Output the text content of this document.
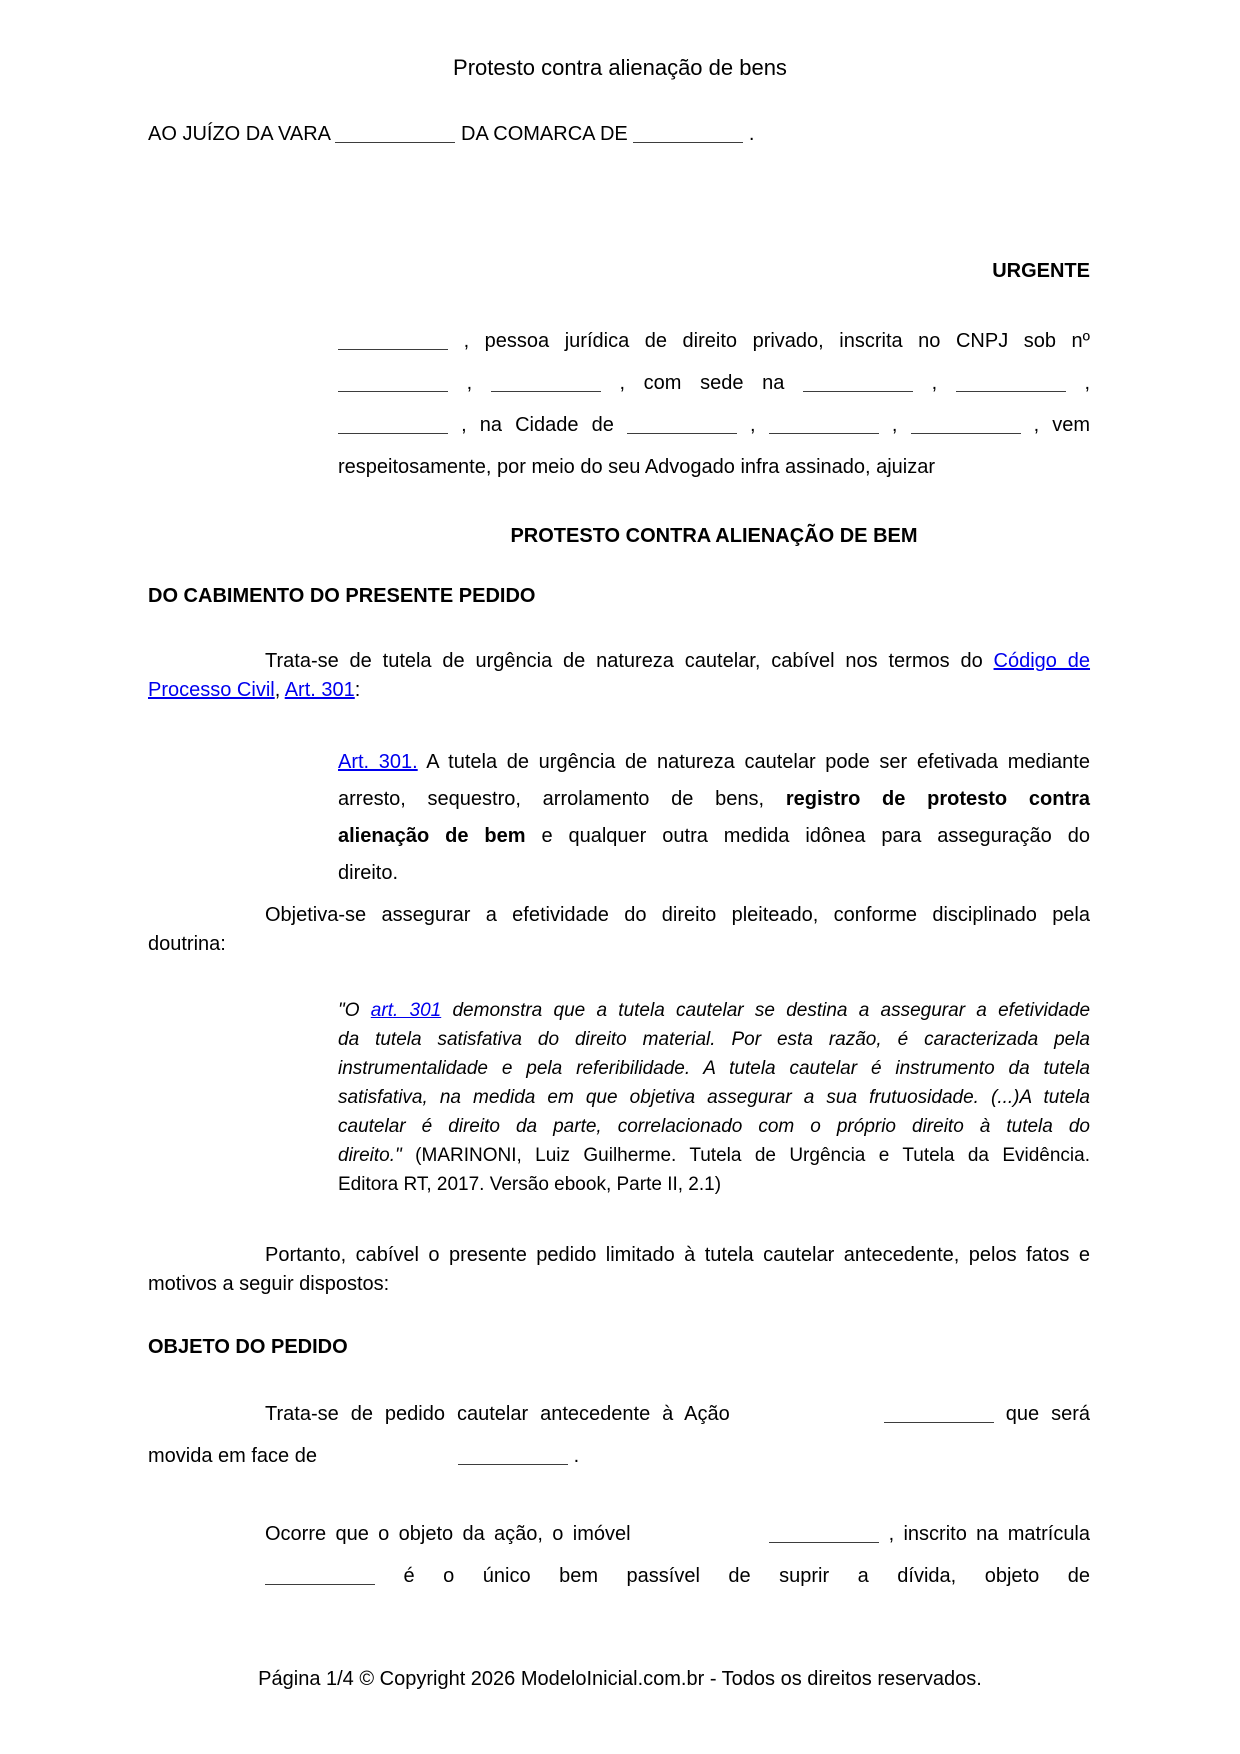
Protesto contra alienação de bens
AO JUÍZO DA VARA	DA COMARCA DE	.
URGENTE
, pessoa jurídica de direito privado, inscrita no CNPJ sob nº
,	, com sede na	,	,
, na Cidade de	,	,	, vem
respeitosamente, por meio do seu Advogado infra assinado, ajuizar
PROTESTO CONTRA ALIENAÇÃO DE BEM
DO CABIMENTO DO PRESENTE PEDIDO
Trata-se de tutela de urgência de natureza cautelar, cabível nos termos do Código de
Processo Civil, Art. 301:
Art. 301. A tutela de urgência de natureza cautelar pode ser efetivada mediante
arresto, sequestro, arrolamento de bens, registro de protesto contra
alienação de bem e qualquer outra medida idônea para asseguração do
direito.
Objetiva-se assegurar a efetividade do direito pleiteado, conforme disciplinado pela
doutrina:
"O art. 301 demonstra que a tutela cautelar se destina a assegurar a efetividade
da tutela satisfativa do direito material. Por esta razão, é caracterizada pela
instrumentalidade e pela referibilidade. A tutela cautelar é instrumento da tutela
satisfativa, na medida em que objetiva assegurar a sua frutuosidade. (...)A tutela
cautelar é direito da parte, correlacionado com o próprio direito à tutela do
direito." (MARINONI, Luiz Guilherme. Tutela de Urgência e Tutela da Evidência.
Editora RT, 2017. Versão ebook, Parte II, 2.1)
Portanto, cabível o presente pedido limitado à tutela cautelar antecedente, pelos fatos e
motivos a seguir dispostos:
OBJETO DO PEDIDO
Trata-se de pedido cautelar antecedente à Ação	que será
movida em face de	.
Ocorre que o objeto da ação, o imóvel	, inscrito na matrícula
é o único bem passível de suprir a dívida, objeto de
Página 1/4 © Copyright 2026 ModeloInicial.com.br - Todos os direitos reservados.
